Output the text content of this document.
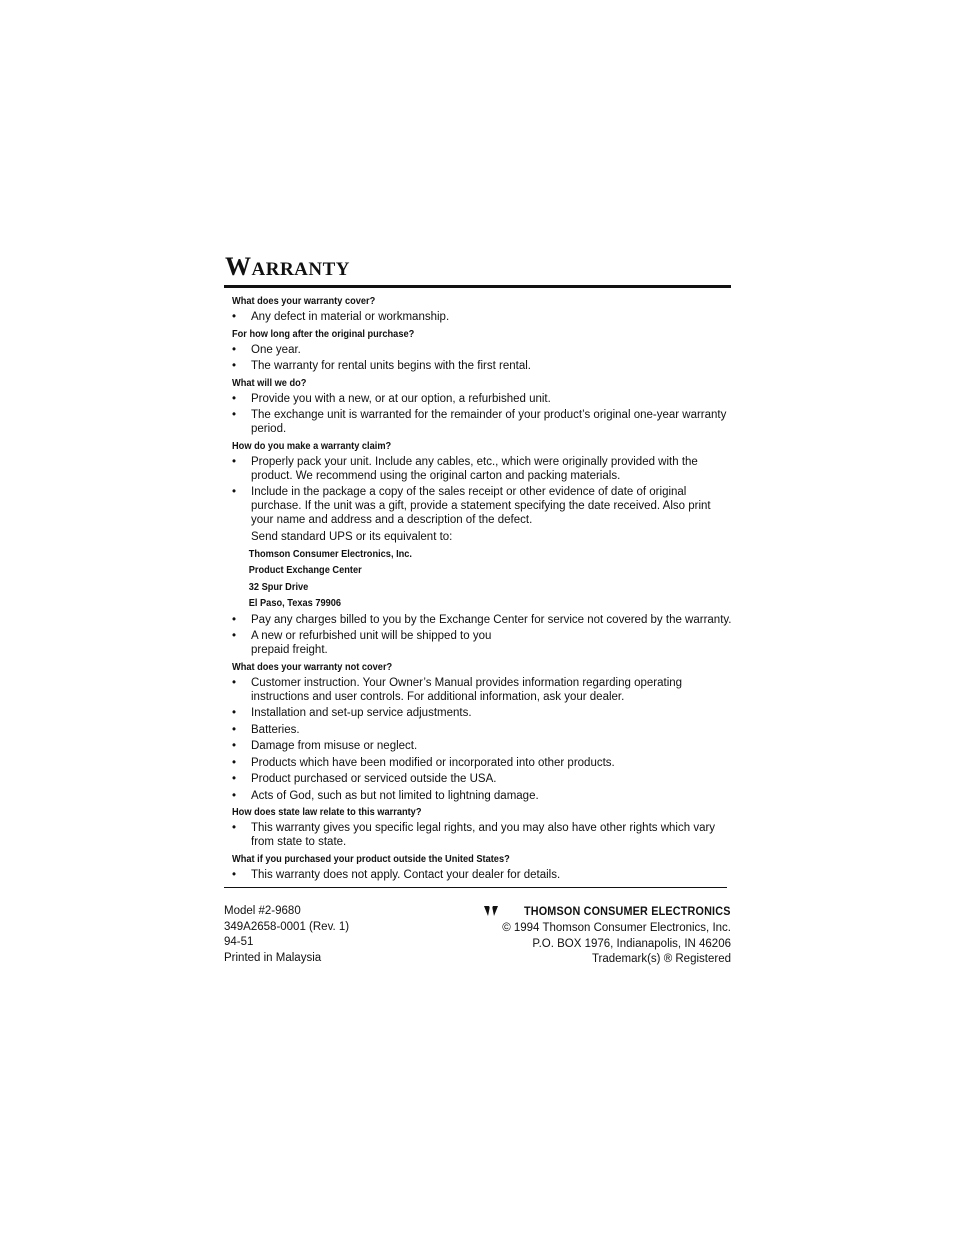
WARRANTY
What does your warranty cover?
• Any defect in material or workmanship.
For how long after the original purchase?
• One year.
• The warranty for rental units begins with the first rental.
What will we do?
• Provide you with a new, or at our option, a refurbished unit.
• The exchange unit is warranted for the remainder of your product’s original one-year warranty period.
How do you make a warranty claim?
• Properly pack your unit. Include any cables, etc., which were originally provided with the product. We recommend using the original carton and packing materials.
• Include in the package a copy of the sales receipt or other evidence of date of original purchase. If the unit was a gift, provide a statement specifying the date received. Also print your name and address and a description of the defect.
Send standard UPS or its equivalent to:
Thomson Consumer Electronics, Inc.
Product Exchange Center
32 Spur Drive
El Paso, Texas 79906
• Pay any charges billed to you by the Exchange Center for service not covered by the warranty.
• A new or refurbished unit will be shipped to you
prepaid freight.
What does your warranty not cover?
• Customer instruction. Your Owner’s Manual provides information regarding operating instructions and user controls. For additional information, ask your dealer.
• Installation and set-up service adjustments.
• Batteries.
• Damage from misuse or neglect.
• Products which have been modified or incorporated into other products.
• Product purchased or serviced outside the USA.
• Acts of God, such as but not limited to lightning damage.
How does state law relate to this warranty?
• This warranty gives you specific legal rights, and you may also have other rights which vary from state to state.
What if you purchased your product outside the United States?
• This warranty does not apply. Contact your dealer for details.
Model #2-9680
349A2658-0001 (Rev. 1)
94-51
Printed in Malaysia
THOMSON CONSUMER ELECTRONICS
© 1994 Thomson Consumer Electronics, Inc.
P.O. BOX 1976, Indianapolis, IN 46206
Trademark(s) ® Registered
